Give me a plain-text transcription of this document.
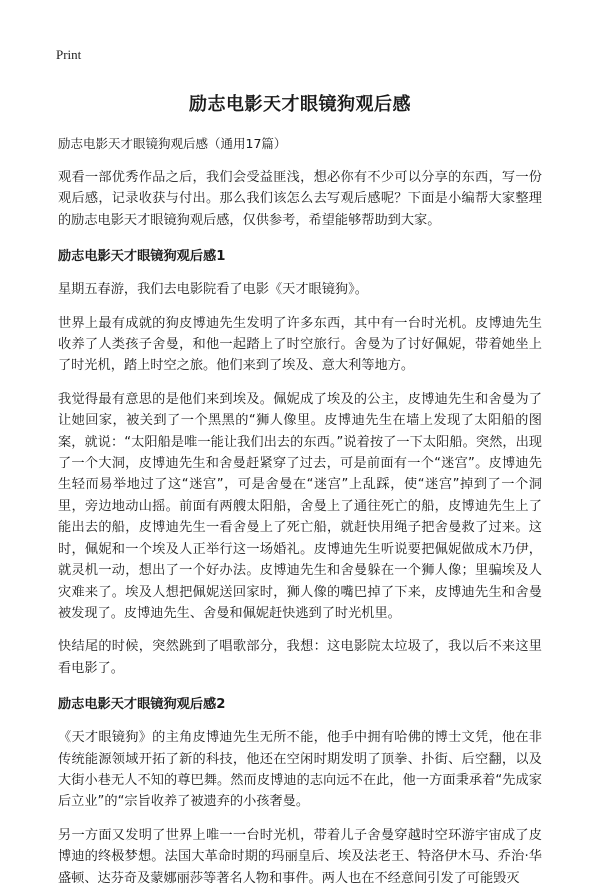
Print
励志电影天才眼镜狗观后感
励志电影天才眼镜狗观后感（通用17篇）

观看一部优秀作品之后，我们会受益匪浅，想必你有不少可以分享的东西，写一份观后感，记录收获与付出。那么我们该怎么去写观后感呢？下面是小编帮大家整理的励志电影天才眼镜狗观后感，仅供参考，希望能够帮助到大家。

励志电影天才眼镜狗观后感1

星期五春游，我们去电影院看了电影《天才眼镜狗》。

世界上最有成就的狗皮博迪先生发明了许多东西，其中有一台时光机。皮博迪先生收养了人类孩子舍曼，和他一起踏上了时空旅行。舍曼为了讨好佩妮，带着她坐上了时光机，踏上时空之旅。他们来到了埃及、意大利等地方。

我觉得最有意思的是他们来到埃及。佩妮成了埃及的公主，皮博迪先生和舍曼为了让她回家，被关到了一个黑黑的“狮人像里。皮博迪先生在墙上发现了太阳船的图案，就说：“太阳船是唯一能让我们出去的东西。”说着按了一下太阳船。突然，出现了一个大洞，皮博迪先生和舍曼赶紧穿了过去，可是前面有一个“迷宫”。皮博迪先生轻而易举地过了这“迷宫”，可是舍曼在“迷宫”上乱踩，使“迷宫”掉到了一个洞里，旁边地动山摇。前面有两艘太阳船，舍曼上了通往死亡的船，皮博迪先生上了能出去的船，皮博迪先生一看舍曼上了死亡船，就赶快用绳子把舍曼救了过来。这时，佩妮和一个埃及人正举行这一场婚礼。皮博迪先生听说要把佩妮做成木乃伊，就灵机一动，想出了一个好办法。皮博迪先生和舍曼躲在一个狮人像；里骗埃及人灾难来了。埃及人想把佩妮送回家时，狮人像的嘴巴掉了下来，皮博迪先生和舍曼被发现了。皮博迪先生、舍曼和佩妮赶快逃到了时光机里。

快结尾的时候，突然跳到了唱歌部分，我想：这电影院太垃圾了，我以后不来这里看电影了。

励志电影天才眼镜狗观后感2

《天才眼镜狗》的主角皮博迪先生无所不能，他手中拥有哈佛的博士文凭，他在非传统能源领域开拓了新的科技，他还在空闲时期发明了顶拳、扑街、后空翻，以及大街小巷无人不知的尊巴舞。然而皮博迪的志向远不在此，他一方面秉承着“先成家后立业”的“宗旨收养了被遗弃的小孩奢曼。

另一方面又发明了世界上唯一一台时光机，带着儿子舍曼穿越时空环游宇宙成了皮博迪的终极梦想。法国大革命时期的玛丽皇后、埃及法老王、特洛伊木马、乔治·华盛顿、达芬奇及蒙娜丽莎等著名人物和事件。两人也在不经意间引发了可能毁灭
